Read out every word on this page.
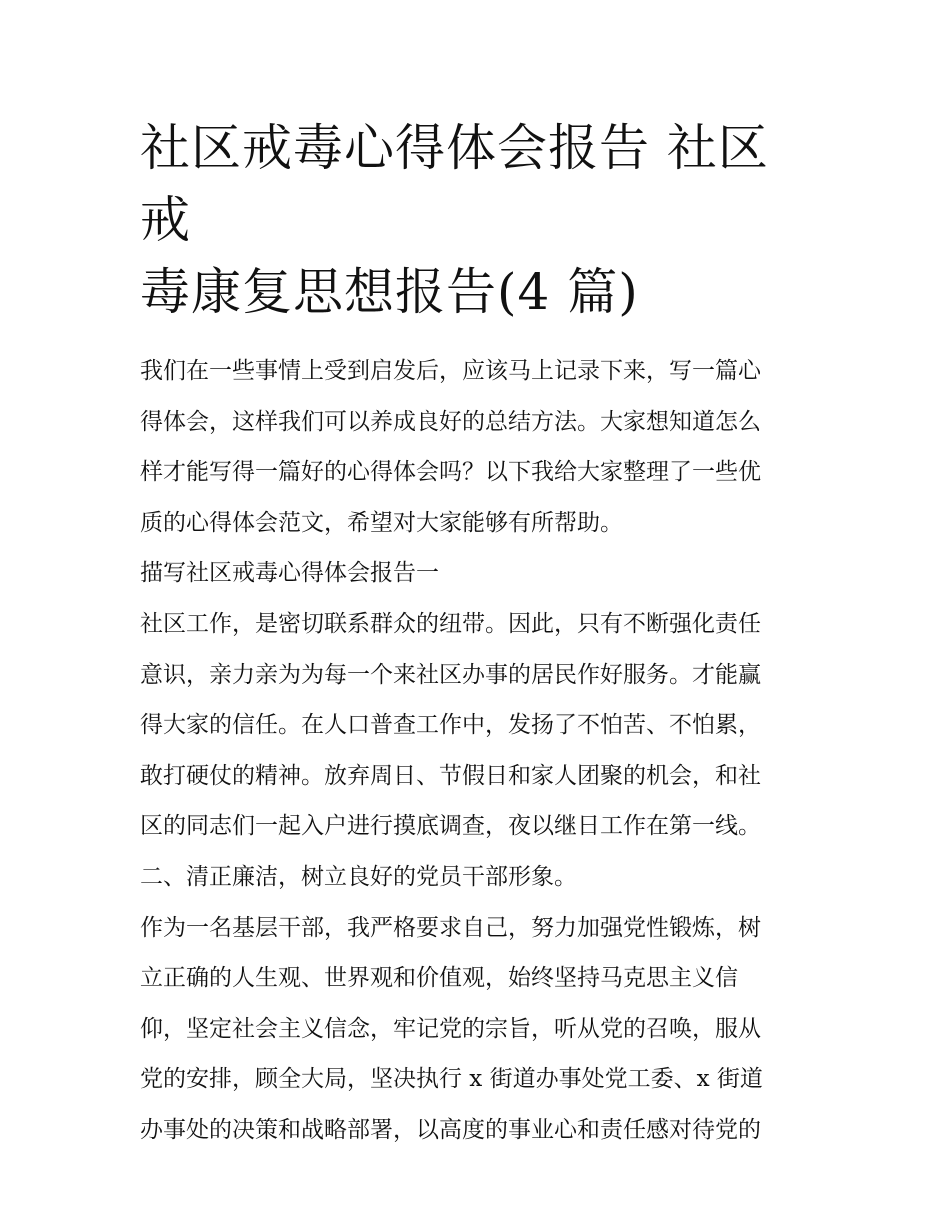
社区戒毒心得体会报告 社区戒
毒康复思想报告(4 篇)
我们在一些事情上受到启发后，应该马上记录下来，写一篇心
得体会，这样我们可以养成良好的总结方法。大家想知道怎么
样才能写得一篇好的心得体会吗？以下我给大家整理了一些优
质的心得体会范文，希望对大家能够有所帮助。
描写社区戒毒心得体会报告一
社区工作，是密切联系群众的纽带。因此，只有不断强化责任
意识，亲力亲为为每一个来社区办事的居民作好服务。才能赢
得大家的信任。在人口普查工作中，发扬了不怕苦、不怕累，
敢打硬仗的精神。放弃周日、节假日和家人团聚的机会，和社
区的同志们一起入户进行摸底调查，夜以继日工作在第一线。
二、清正廉洁，树立良好的党员干部形象。
作为一名基层干部，我严格要求自己，努力加强党性锻炼，树
立正确的人生观、世界观和价值观，始终坚持马克思主义信
仰，坚定社会主义信念，牢记党的宗旨，听从党的召唤，服从
党的安排，顾全大局，坚决执行 x 街道办事处党工委、x 街道
办事处的决策和战略部署，以高度的事业心和责任感对待党的
